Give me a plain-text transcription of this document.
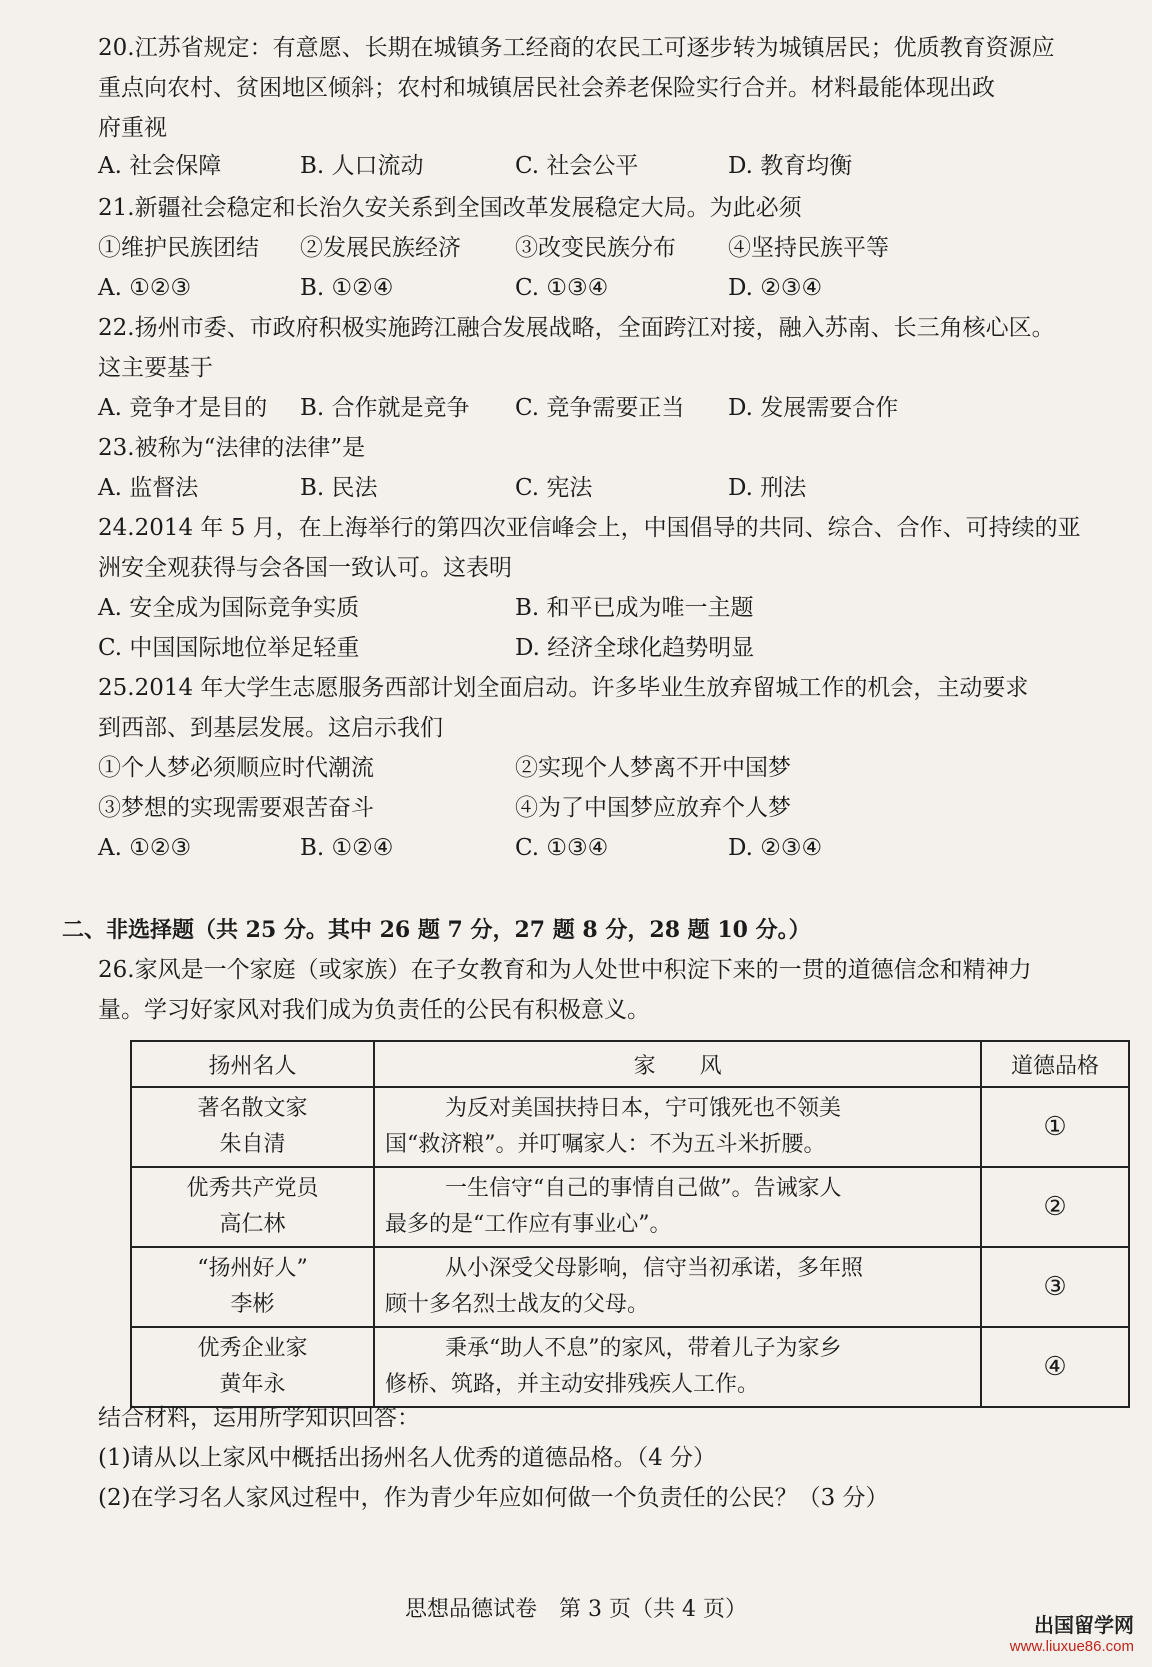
20.江苏省规定：有意愿、长期在城镇务工经商的农民工可逐步转为城镇居民；优质教育资源应
重点向农村、贫困地区倾斜；农村和城镇居民社会养老保险实行合并。材料最能体现出政
府重视
A. 社会保障	B. 人口流动	C. 社会公平	D. 教育均衡
21.新疆社会稳定和长治久安关系到全国改革发展稳定大局。为此必须
①维护民族团结 ②发展民族经济 ③改变民族分布 ④坚持民族平等
A. ①②③	B. ①②④	C. ①③④	D. ②③④
22.扬州市委、市政府积极实施跨江融合发展战略，全面跨江对接，融入苏南、长三角核心区。
这主要基于
A. 竞争才是目的 B. 合作就是竞争 C. 竞争需要正当 D. 发展需要合作
23.被称为“法律的法律”是
A. 监督法	B. 民法	C. 宪法	D. 刑法
24.2014 年 5 月，在上海举行的第四次亚信峰会上，中国倡导的共同、综合、合作、可持续的亚
洲安全观获得与会各国一致认可。这表明
A. 安全成为国际竞争实质	B. 和平已成为唯一主题
C. 中国国际地位举足轻重	D. 经济全球化趋势明显
25.2014 年大学生志愿服务西部计划全面启动。许多毕业生放弃留城工作的机会，主动要求
到西部、到基层发展。这启示我们
①个人梦必须顺应时代潮流	②实现个人梦离不开中国梦
③梦想的实现需要艰苦奋斗	④为了中国梦应放弃个人梦
A. ①②③	B. ①②④	C. ①③④	D. ②③④
二、非选择题（共 25 分。其中 26 题 7 分，27 题 8 分，28 题 10 分。）
26.家风是一个家庭（或家族）在子女教育和为人处世中积淀下来的一贯的道德信念和精神力
量。学习好家风对我们成为负责任的公民有积极意义。
扬州名人	家　　风	道德品格

著名散文家
朱自清	为反对美国扶持日本，宁可饿死也不领美
国“救济粮”。并叮嘱家人：不为五斗米折腰。	①

优秀共产党员
高仁林	一生信守“自己的事情自己做”。告诫家人
最多的是“工作应有事业心”。	②

“扬州好人”
李彬	从小深受父母影响，信守当初承诺，多年照
顾十多名烈士战友的父母。	③

优秀企业家
黄年永	秉承“助人不息”的家风，带着儿子为家乡
修桥、筑路，并主动安排残疾人工作。	④
结合材料，运用所学知识回答：
(1)请从以上家风中概括出扬州名人优秀的道德品格。（4 分）
(2)在学习名人家风过程中，作为青少年应如何做一个负责任的公民？（3 分）
思想品德试卷　第 3 页（共 4 页）
出国留学网
www.liuxue86.com
